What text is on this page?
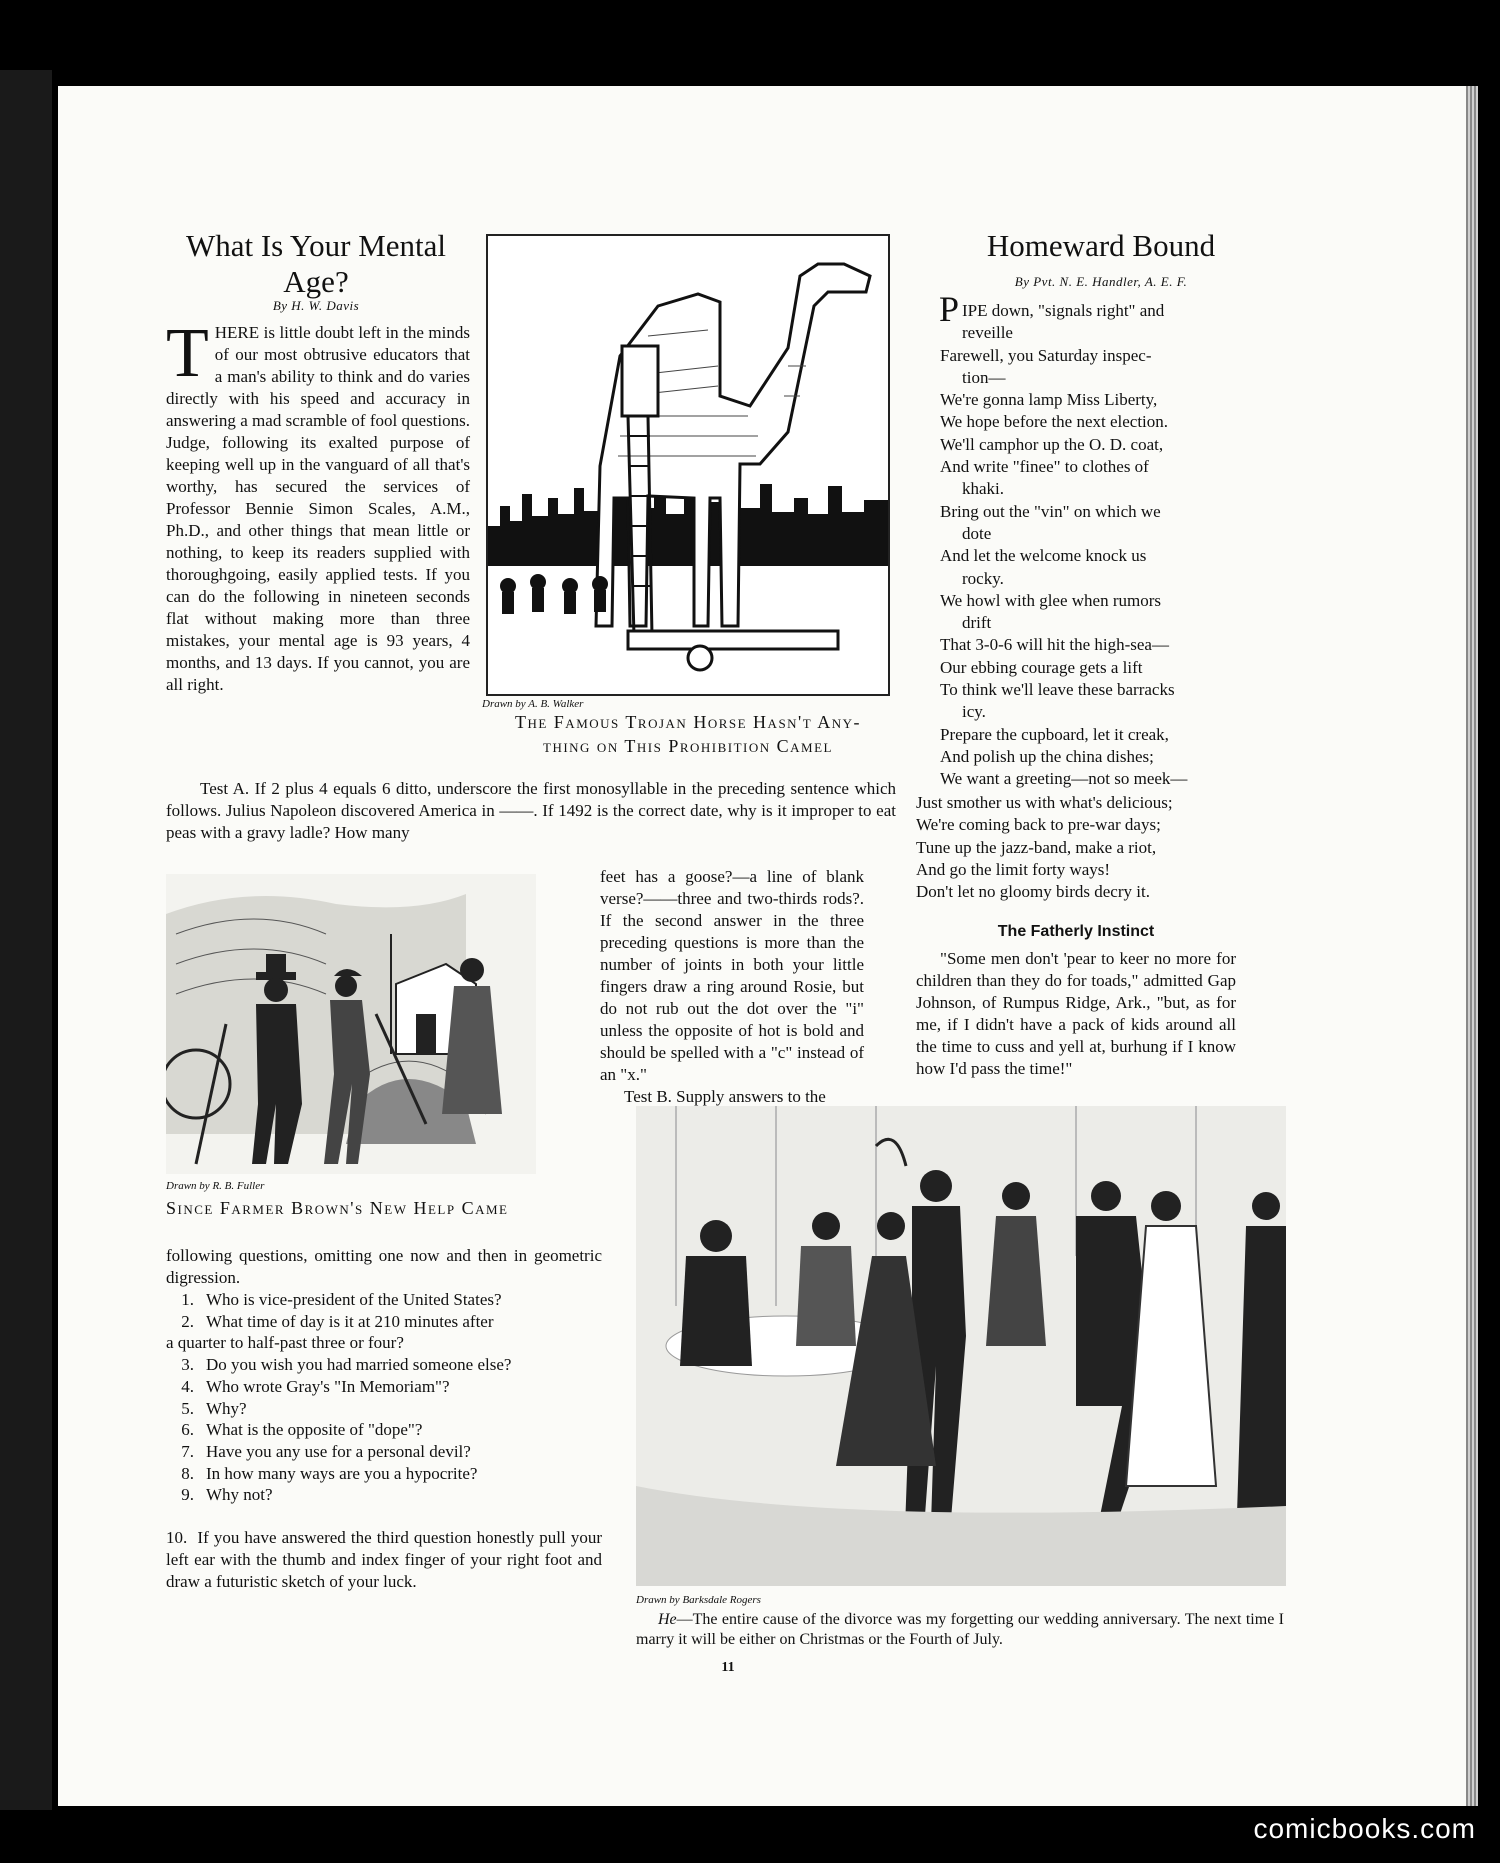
What Is Your Mental
Age?
By H. W. Davis

THERE is little doubt left in the minds of our most obtrusive educators that a man's ability to think and do varies directly with his speed and accuracy in answering a mad scramble of fool questions. Judge, following its exalted purpose of keeping well up in the vanguard of all that's worthy, has secured the services of Professor Bennie Simon Scales, A.M., Ph.D., and other things that mean little or nothing, to keep its readers supplied with thoroughgoing, easily applied tests. If you can do the following in nineteen seconds flat without making more than three mistakes, your mental age is 93 years, 4 months, and 13 days. If you cannot, you are all right.

Drawn by A. B. Walker
The Famous Trojan Horse Hasn't Any-
thing on This Prohibition Camel
Homeward Bound
By Pvt. N. E. Handler, A. E. F.
P IPE down, "signals right" and
reveille
Farewell, you Saturday inspec-
tion—
We're gonna lamp Miss Liberty,
We hope before the next election.
We'll camphor up the O. D. coat,
And write "finee" to clothes of
khaki.
Bring out the "vin" on which we
dote
And let the welcome knock us
rocky.
We howl with glee when rumors
drift
That 3-0-6 will hit the high-sea—
Our ebbing courage gets a lift
To think we'll leave these barracks
icy.
Prepare the cupboard, let it creak,
And polish up the china dishes;
We want a greeting—not so meek—
Just smother us with what's delicious;
We're coming back to pre-war days;
Tune up the jazz-band, make a riot,
And go the limit forty ways!
Don't let no gloomy birds decry it.

Test A. If 2 plus 4 equals 6 ditto, underscore the first monosyllable in the preceding sentence which follows. Julius Napoleon discovered America in ——. If 1492 is the correct date, why is it improper to eat peas with a gravy ladle? How many

Drawn by R. B. Fuller
Since Farmer Brown's New Help Came

feet has a goose?—a line of blank verse?——three and two-thirds rods?. If the second answer in the three preceding questions is more than the number of joints in both your little fingers draw a ring around Rosie, but do not rub out the dot over the "i" unless the opposite of hot is bold and should be spelled with a "c" instead of an "x."

Test B. Supply answers to the

The Fatherly Instinct

"Some men don't 'pear to keer no more for children than they do for toads," admitted Gap Johnson, of Rumpus Ridge, Ark., "but, as for me, if I didn't have a pack of kids around all the time to cuss and yell at, burhung if I know how I'd pass the time!"

following questions, omitting one now and then in geometric digression.

1. Who is vice-president of the United States?
2. What time of day is it at 210 minutes after
a quarter to half-past three or four?
3. Do you wish you had married someone else?
4. Who wrote Gray's "In Memoriam"?
5. Why?
6. What is the opposite of "dope"?
7. Have you any use for a personal devil?
8. In how many ways are you a hypocrite?
9. Why not?

10. If you have answered the third question honestly pull your left ear with the thumb and index finger of your right foot and draw a futuristic sketch of your luck.

Drawn by Barksdale Rogers
He—The entire cause of the divorce was my forgetting our wedding anniversary. The next time I marry it will be either on Christmas or the Fourth of July.
11
comicbooks.com
